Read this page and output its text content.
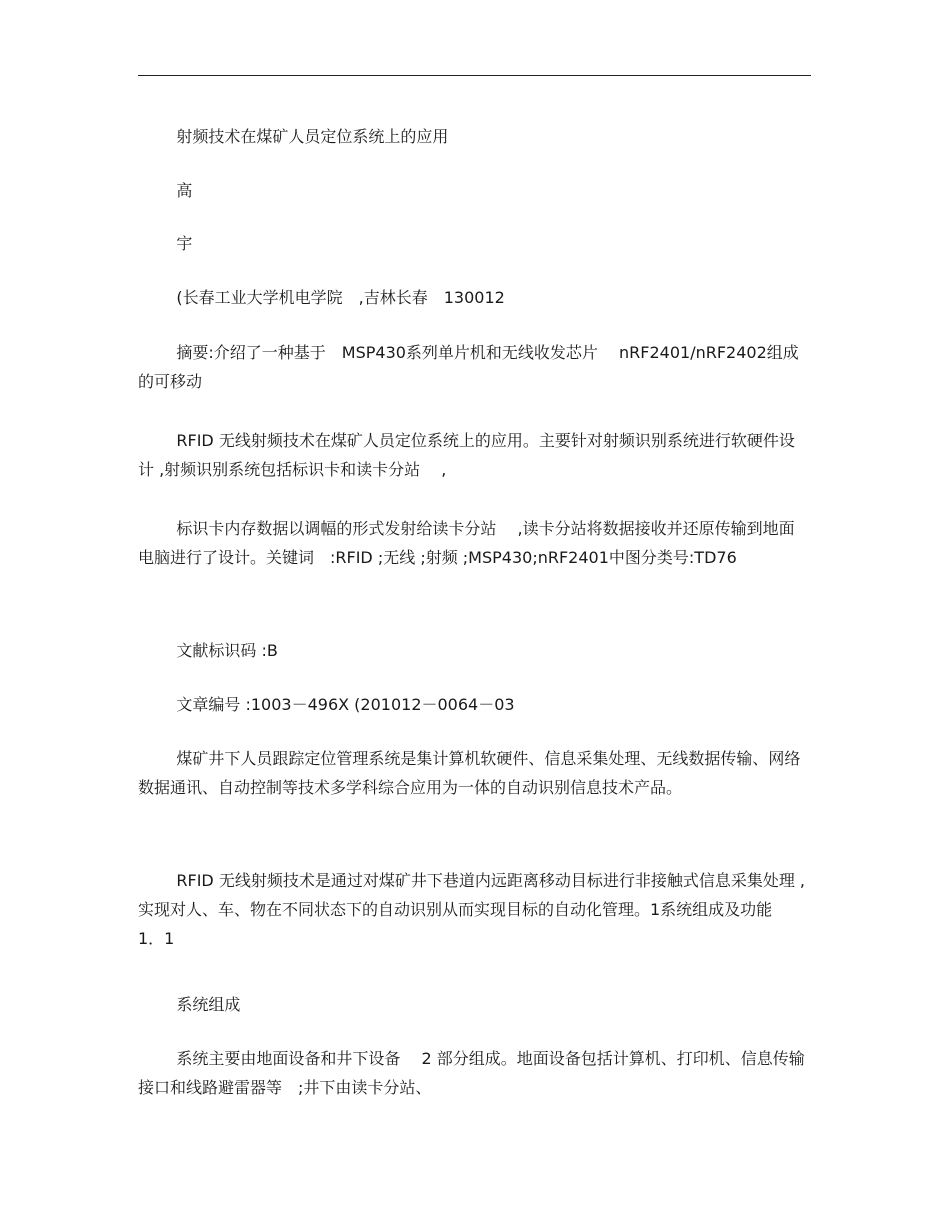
射频技术在煤矿人员定位系统上的应用

高

宇

(长春工业大学机电学院　,吉林长春　130012

摘要:介绍了一种基于　MSP430系列单片机和无线收发芯片　 nRF2401/nRF2402组成的可移动

RFID 无线射频技术在煤矿人员定位系统上的应用。主要针对射频识别系统进行软硬件设计 ,射频识别系统包括标识卡和读卡分站　 ,

标识卡内存数据以调幅的形式发射给读卡分站　 ,读卡分站将数据接收并还原传输到地面电脑进行了设计。关键词　:RFID ;无线 ;射频 ;MSP430;nRF2401中图分类号:TD76

文献标识码 :B

文章编号 :1003－496X (201012－0064－03

煤矿井下人员跟踪定位管理系统是集计算机软硬件、信息采集处理、无线数据传输、网络数据通讯、自动控制等技术多学科综合应用为一体的自动识别信息技术产品。

RFID 无线射频技术是通过对煤矿井下巷道内远距离移动目标进行非接触式信息采集处理 ,实现对人、车、物在不同状态下的自动识别从而实现目标的自动化管理。1系统组成及功能　1．1

系统组成

系统主要由地面设备和井下设备　 2 部分组成。地面设备包括计算机、打印机、信息传输接口和线路避雷器等　;井下由读卡分站、
